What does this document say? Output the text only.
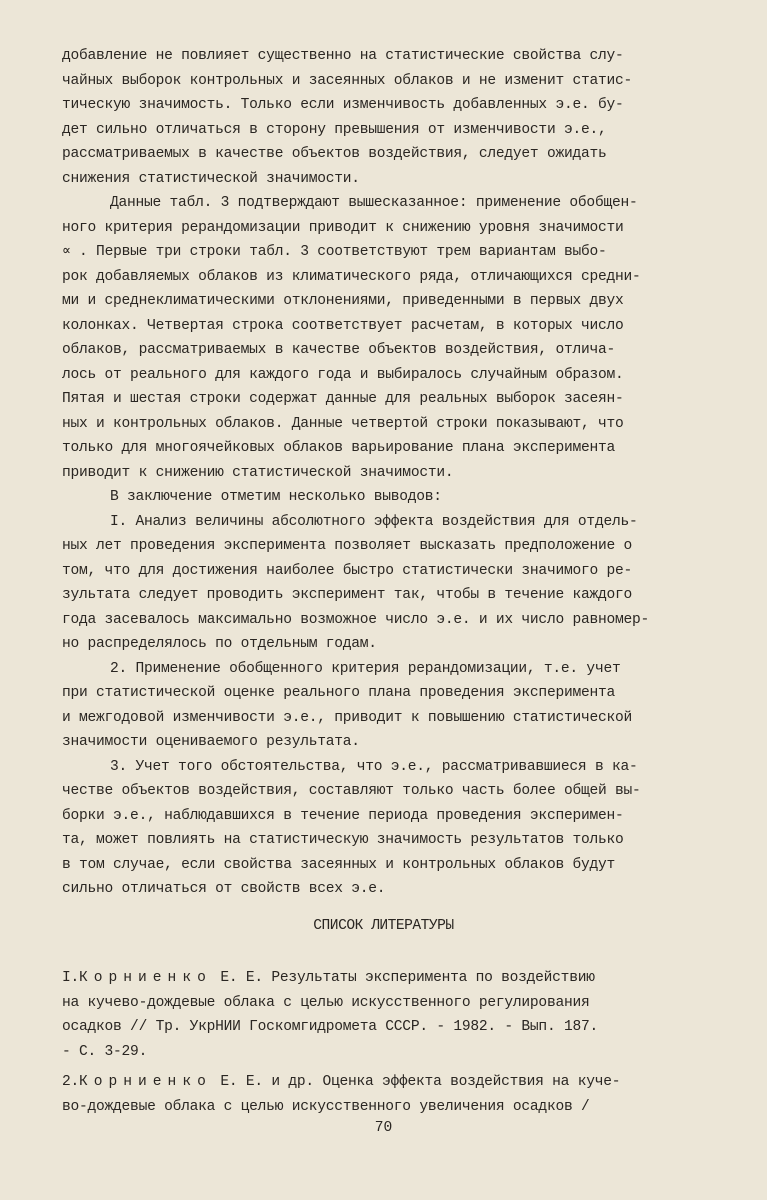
добавление не повлияет существенно на статистические свойства слу-
чайных выборок контрольных и засеянных облаков и не изменит статис-
тическую значимость. Только если изменчивость добавленных э.е. бу-
дет сильно отличаться в сторону превышения от изменчивости э.е.,
рассматриваемых в качестве объектов воздействия, следует ожидать
снижения статистической значимости.

Данные табл. 3 подтверждают вышесказанное: применение обобщен-
ного критерия рерандомизации приводит к снижению уровня значимости
∝ . Первые три строки табл. 3 соответствуют трем вариантам выбо-
рок добавляемых облаков из климатического ряда, отличающихся средни-
ми и среднеклиматическими отклонениями, приведенными в первых двух
колонках. Четвертая строка соответствует расчетам, в которых число
облаков, рассматриваемых в качестве объектов воздействия, отлича-
лось от реального для каждого года и выбиралось случайным образом.
Пятая и шестая строки содержат данные для реальных выборок засеян-
ных и контрольных облаков. Данные четвертой строки показывают, что
только для многоячейковых облаков варьирование плана эксперимента
приводит к снижению статистической значимости.

В заключение отметим несколько выводов:

I. Анализ величины абсолютного эффекта воздействия для отдель-
ных лет проведения эксперимента позволяет высказать предположение о
том, что для достижения наиболее быстро статистически значимого ре-
зультата следует проводить эксперимент так, чтобы в течение каждого
года засевалось максимально возможное число э.е. и их число равномер-
но распределялось по отдельным годам.

2. Применение обобщенного критерия рерандомизации, т.е. учет
при статистической оценке реального плана проведения эксперимента
и межгодовой изменчивости э.е., приводит к повышению статистической
значимости оцениваемого результата.

3. Учет того обстоятельства, что э.е., рассматривавшиеся в ка-
честве объектов воздействия, составляют только часть более общей вы-
борки э.е., наблюдавшихся в течение периода проведения эксперимен-
та, может повлиять на статистическую значимость результатов только
в том случае, если свойства засеянных и контрольных облаков будут
сильно отличаться от свойств всех э.е.

СПИСОК ЛИТЕРАТУРЫ

I.Корниенко Е. Е. Результаты эксперимента по воздействию
на кучево-дождевые облака с целью искусственного регулирования
осадков // Тр. УкрНИИ Госкомгидромета СССР. - 1982. - Вып. 187.
- С. 3-29.

2.Корниенко Е. Е. и др. Оценка эффекта воздействия на куче-
во-дождевые облака с целью искусственного увеличения осадков /

70
